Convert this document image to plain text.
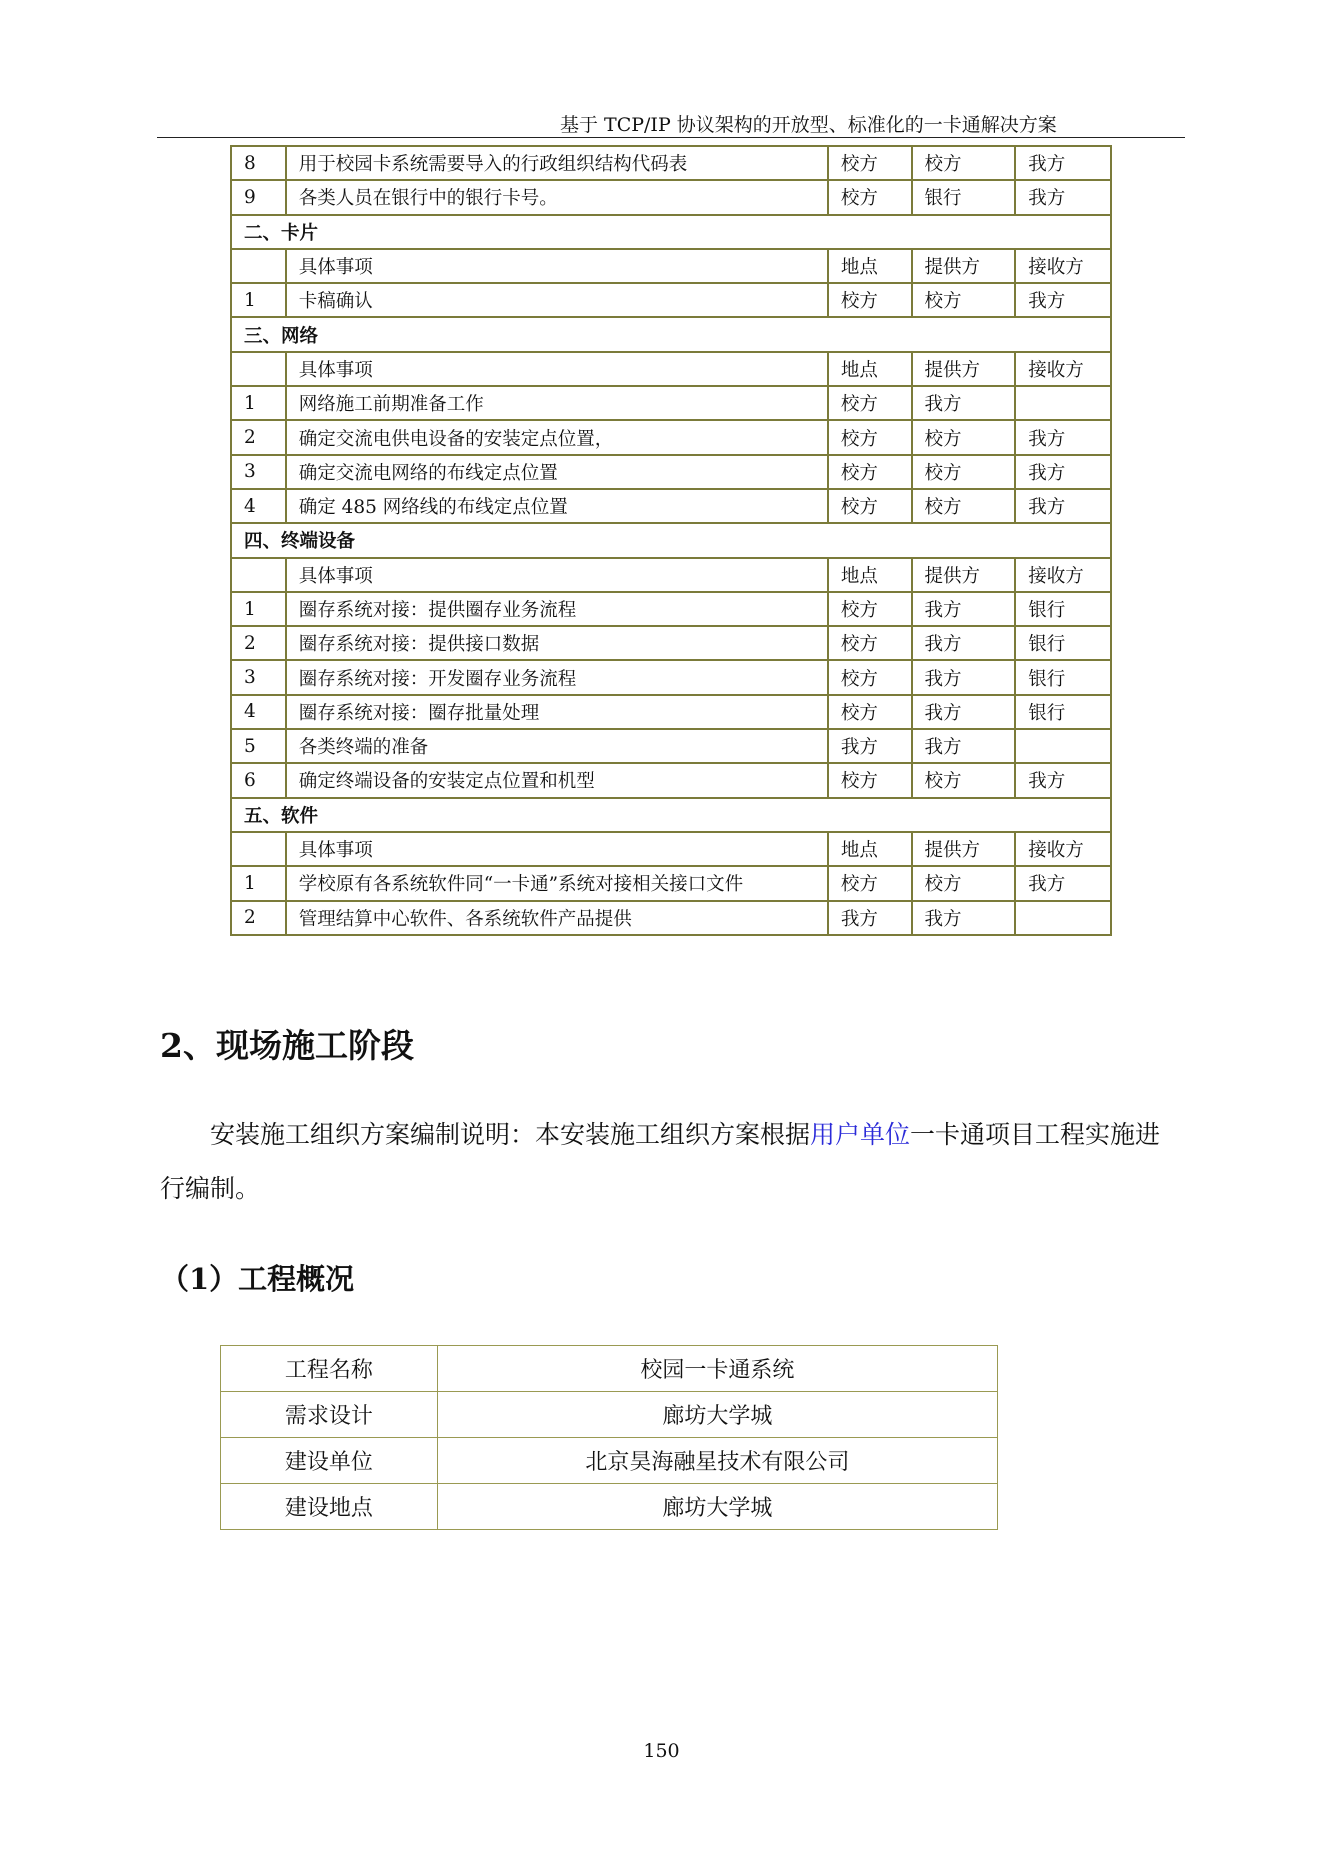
基于 TCP/IP 协议架构的开放型、标准化的一卡通解决方案
8	用于校园卡系统需要导入的行政组织结构代码表	校方	校方	我方
9	各类人员在银行中的银行卡号。	校方	银行	我方
二、卡片				
	具体事项	地点	提供方	接收方
1	卡稿确认	校方	校方	我方
三、网络				
	具体事项	地点	提供方	接收方
1	网络施工前期准备工作	校方	我方	
2	确定交流电供电设备的安装定点位置，	校方	校方	我方
3	确定交流电网络的布线定点位置	校方	校方	我方
4	确定 485 网络线的布线定点位置	校方	校方	我方
四、终端设备				
	具体事项	地点	提供方	接收方
1	圈存系统对接：提供圈存业务流程	校方	我方	银行
2	圈存系统对接：提供接口数据	校方	我方	银行
3	圈存系统对接：开发圈存业务流程	校方	我方	银行
4	圈存系统对接：圈存批量处理	校方	我方	银行
5	各类终端的准备	我方	我方	
6	确定终端设备的安装定点位置和机型	校方	校方	我方
五、软件				
	具体事项	地点	提供方	接收方
1	学校原有各系统软件同“一卡通”系统对接相关接口文件	校方	校方	我方
2	管理结算中心软件、各系统软件产品提供	我方	我方	
2、现场施工阶段
安装施工组织方案编制说明：本安装施工组织方案根据用户单位一卡通项目工程实施进行编制。
（1）工程概况
工程名称	校园一卡通系统
需求设计	廊坊大学城
建设单位	北京昊海融星技术有限公司
建设地点	廊坊大学城
150
